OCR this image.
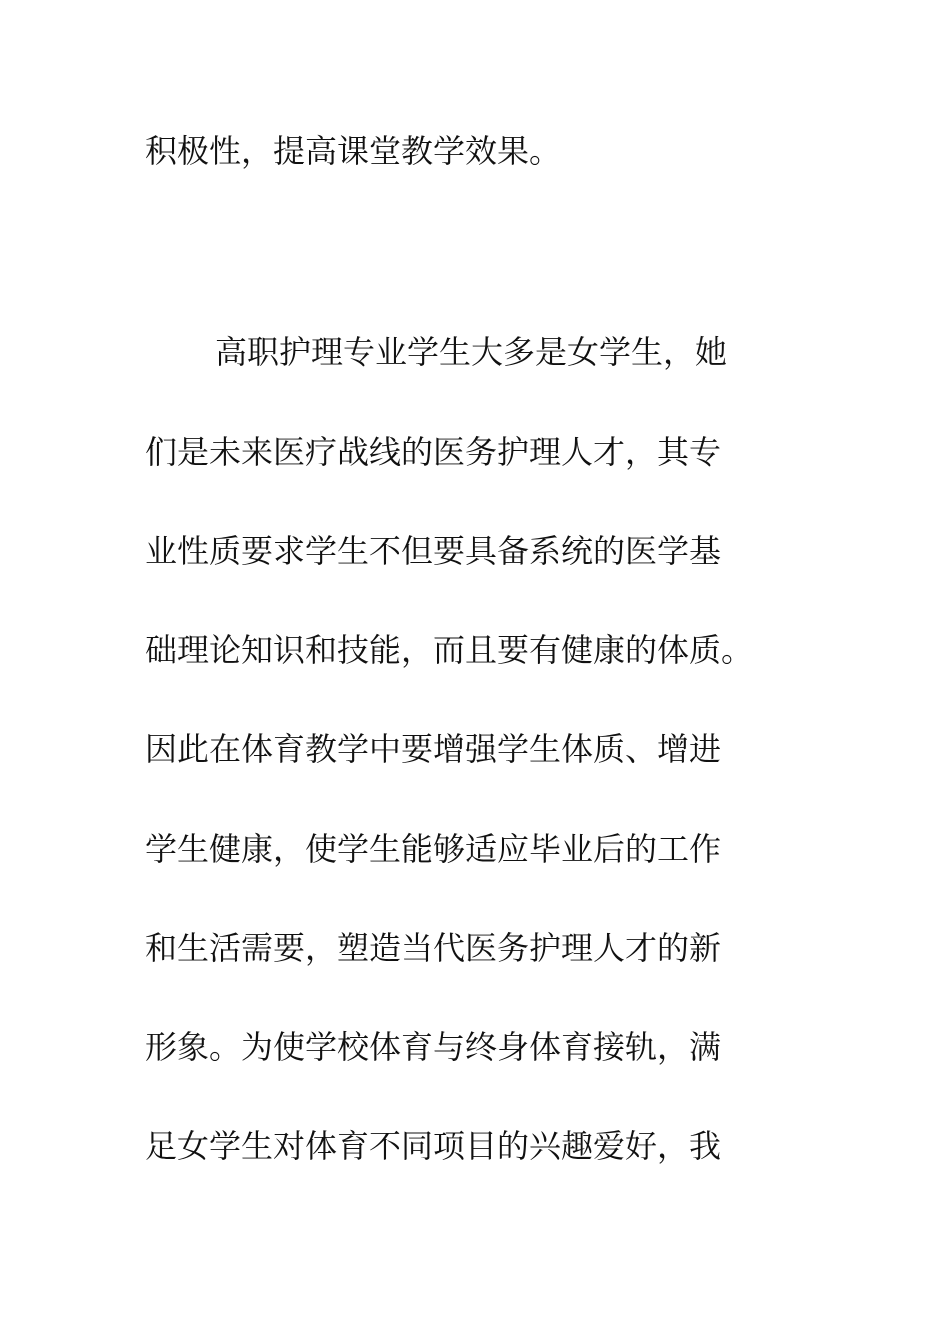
积极性，提高课堂教学效果。
高职护理专业学生大多是女学生，她
们是未来医疗战线的医务护理人才，其专
业性质要求学生不但要具备系统的医学基
础理论知识和技能，而且要有健康的体质。
因此在体育教学中要增强学生体质、增进
学生健康，使学生能够适应毕业后的工作
和生活需要，塑造当代医务护理人才的新
形象。为使学校体育与终身体育接轨，满
足女学生对体育不同项目的兴趣爱好，我
